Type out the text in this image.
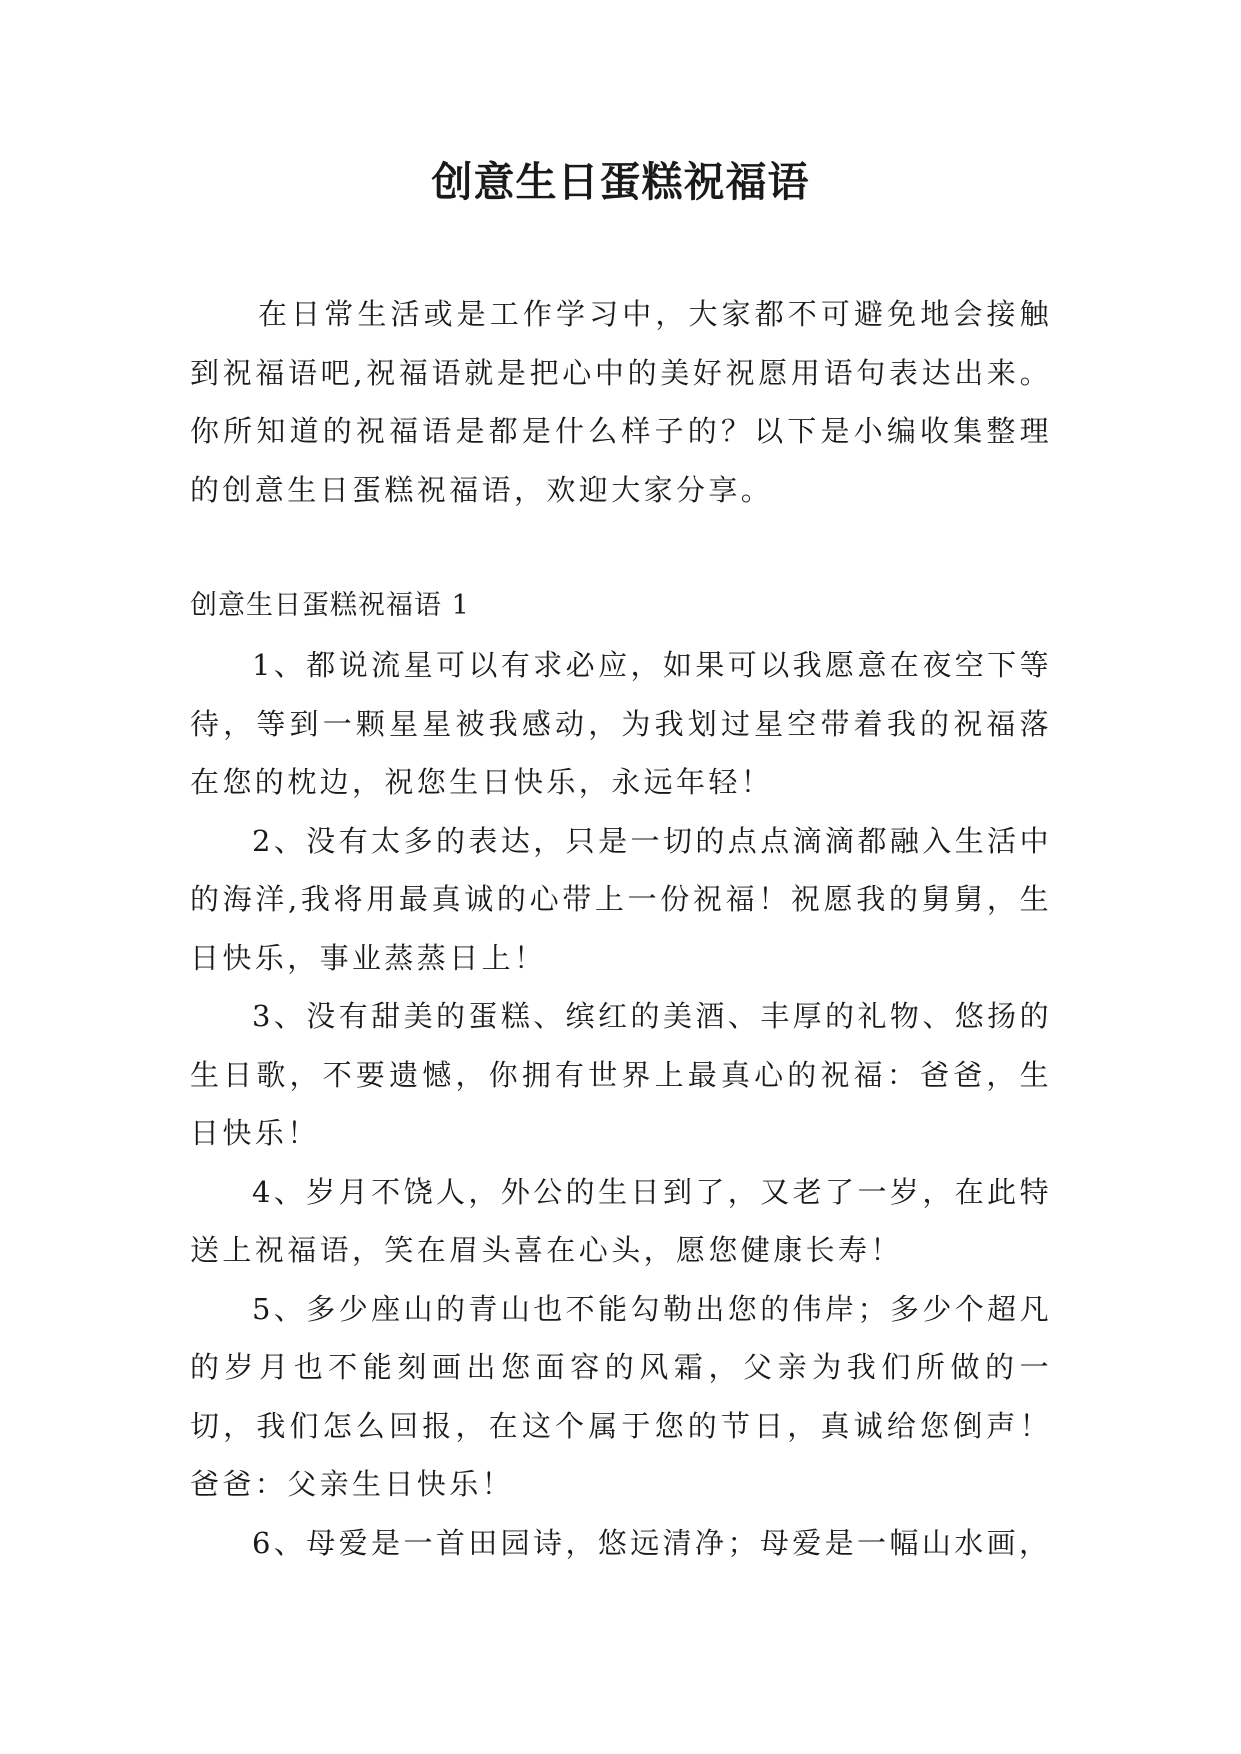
创意生日蛋糕祝福语

在日常生活或是工作学习中，大家都不可避免地会接触到祝福语吧,祝福语就是把心中的美好祝愿用语句表达出来。你所知道的祝福语是都是什么样子的？以下是小编收集整理的创意生日蛋糕祝福语，欢迎大家分享。

创意生日蛋糕祝福语 1
1、都说流星可以有求必应，如果可以我愿意在夜空下等待，等到一颗星星被我感动，为我划过星空带着我的祝福落在您的枕边，祝您生日快乐，永远年轻！
2、没有太多的表达，只是一切的点点滴滴都融入生活中的海洋,我将用最真诚的心带上一份祝福！祝愿我的舅舅，生日快乐，事业蒸蒸日上！
3、没有甜美的蛋糕、缤红的美酒、丰厚的礼物、悠扬的生日歌，不要遗憾，你拥有世界上最真心的祝福：爸爸，生日快乐！
4、岁月不饶人，外公的生日到了，又老了一岁，在此特送上祝福语，笑在眉头喜在心头，愿您健康长寿！
5、多少座山的青山也不能勾勒出您的伟岸；多少个超凡的岁月也不能刻画出您面容的风霜，父亲为我们所做的一切，我们怎么回报，在这个属于您的节日，真诚给您倒声！爸爸：父亲生日快乐！
6、母爱是一首田园诗，悠远清净；母爱是一幅山水画，
